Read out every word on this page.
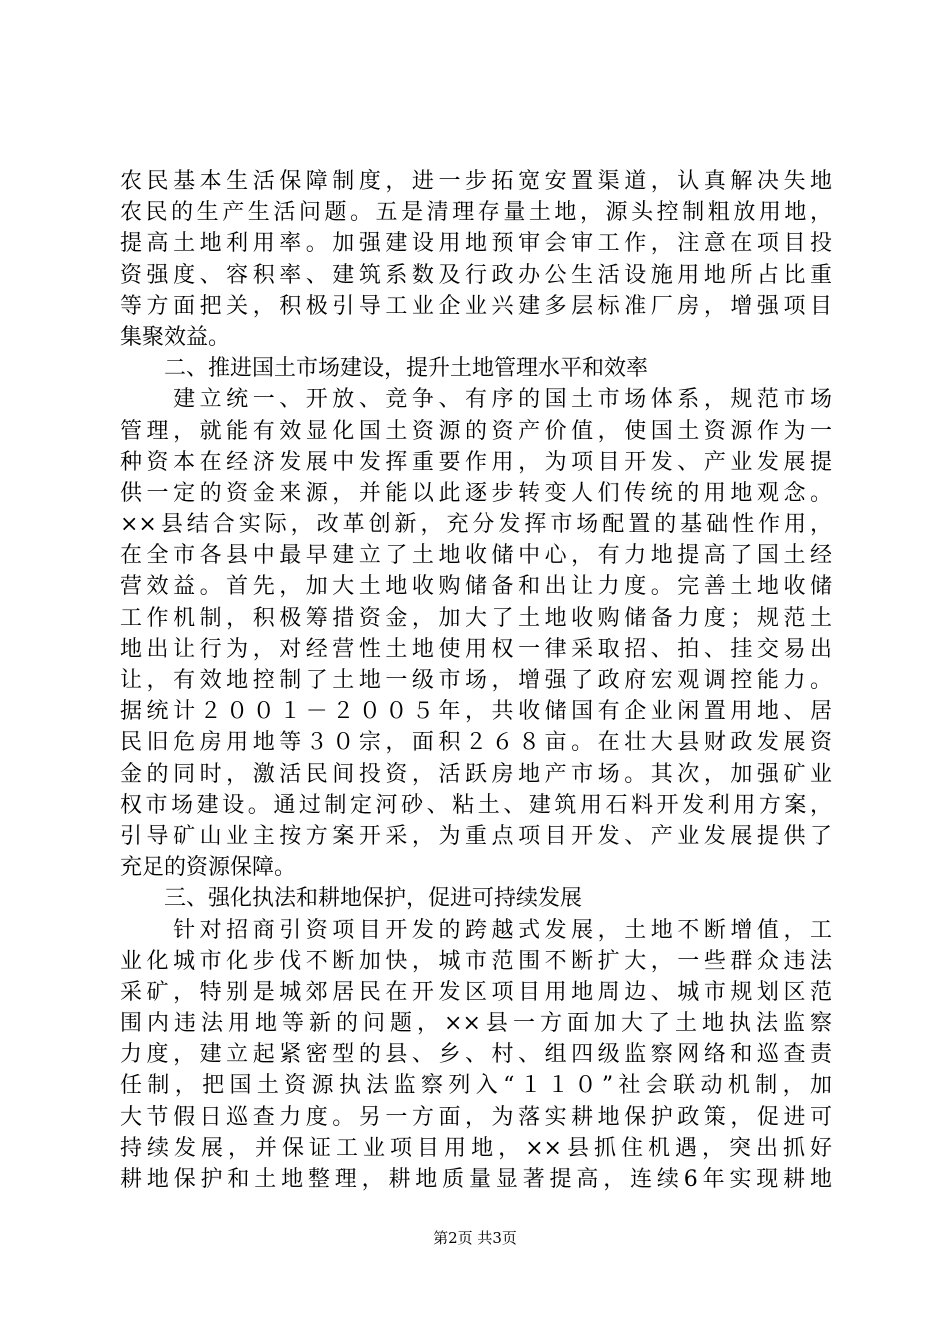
农民基本生活保障制度，进一步拓宽安置渠道，认真解决失地
农民的生产生活问题。五是清理存量土地，源头控制粗放用地，
提高土地利用率。加强建设用地预审会审工作，注意在项目投
资强度、容积率、建筑系数及行政办公生活设施用地所占比重
等方面把关，积极引导工业企业兴建多层标准厂房，增强项目
集聚效益。
　　二、推进国土市场建设，提升土地管理水平和效率
　　建立统一、开放、竞争、有序的国土市场体系，规范市场
管理，就能有效显化国土资源的资产价值，使国土资源作为一
种资本在经济发展中发挥重要作用，为项目开发、产业发展提
供一定的资金来源，并能以此逐步转变人们传统的用地观念。
××县结合实际，改革创新，充分发挥市场配置的基础性作用，
在全市各县中最早建立了土地收储中心，有力地提高了国土经
营效益。首先，加大土地收购储备和出让力度。完善土地收储
工作机制，积极筹措资金，加大了土地收购储备力度；规范土
地出让行为，对经营性土地使用权一律采取招、拍、挂交易出
让，有效地控制了土地一级市场，增强了政府宏观调控能力。
据统计２００１－２００５年，共收储国有企业闲置用地、居
民旧危房用地等３０宗，面积２６８亩。在壮大县财政发展资
金的同时，激活民间投资，活跃房地产市场。其次，加强矿业
权市场建设。通过制定河砂、粘土、建筑用石料开发利用方案，
引导矿山业主按方案开采，为重点项目开发、产业发展提供了
充足的资源保障。
　　三、强化执法和耕地保护，促进可持续发展
　　针对招商引资项目开发的跨越式发展，土地不断增值，工
业化城市化步伐不断加快，城市范围不断扩大，一些群众违法
采矿，特别是城郊居民在开发区项目用地周边、城市规划区范
围内违法用地等新的问题，××县一方面加大了土地执法监察
力度，建立起紧密型的县、乡、村、组四级监察网络和巡查责
任制，把国土资源执法监察列入“１１０”社会联动机制，加
大节假日巡查力度。另一方面，为落实耕地保护政策，促进可
持续发展，并保证工业项目用地，××县抓住机遇，突出抓好
耕地保护和土地整理，耕地质量显著提高，连续6年实现耕地
第2页 共3页
